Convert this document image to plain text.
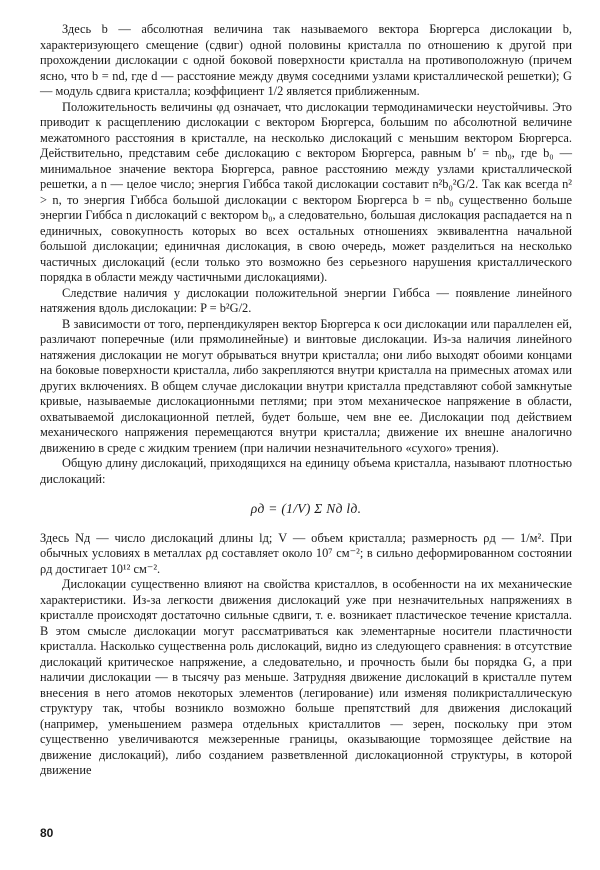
Здесь b — абсолютная величина так называемого вектора Бюргерса дислокации b, характеризующего смещение (сдвиг) одной половины кристалла по отношению к другой при прохождении дислокации с одной боковой поверхности кристалла на противоположную (причем ясно, что b = nd, где d — расстояние между двумя соседними узлами кристаллической решетки); G — модуль сдвига кристалла; коэффициент 1/2 является приближенным.

Положительность величины φд означает, что дислокации термодинамически неустойчивы. Это приводит к расщеплению дислокации с вектором Бюргерса, большим по абсолютной величине межатомного расстояния в кристалле, на несколько дислокаций с меньшим вектором Бюргерса. Действительно, представим себе дислокацию с вектором Бюргерса, равным b′ = nb₀, где b₀ — минимальное значение вектора Бюргерса, равное расстоянию между узлами кристаллической решетки, а n — целое число; энергия Гиббса такой дислокации составит n²b₀²G/2. Так как всегда n² > n, то энергия Гиббса большой дислокации с вектором Бюргерса b = nb₀ существенно больше энергии Гиббса n дислокаций с вектором b₀, а следовательно, большая дислокация распадается на n единичных, совокупность которых во всех остальных отношениях эквивалентна начальной большой дислокации; единичная дислокация, в свою очередь, может разделиться на несколько частичных дислокаций (если только это возможно без серьезного нарушения кристаллического порядка в области между частичными дислокациями).

Следствие наличия у дислокации положительной энергии Гиббса — появление линейного натяжения вдоль дислокации: P = b²G/2.

В зависимости от того, перпендикулярен вектор Бюргерса к оси дислокации или параллелен ей, различают поперечные (или прямолинейные) и винтовые дислокации. Из-за наличия линейного натяжения дислокации не могут обрываться внутри кристалла; они либо выходят обоими концами на боковые поверхности кристалла, либо закрепляются внутри кристалла на примесных атомах или других включениях. В общем случае дислокации внутри кристалла представляют собой замкнутые кривые, называемые дислокационными петлями; при этом механическое напряжение в области, охватываемой дислокационной петлей, будет больше, чем вне ее. Дислокации под действием механического напряжения перемещаются внутри кристалла; движение их внешне аналогично движению в среде с жидким трением (при наличии незначительного «сухого» трения).

Общую длину дислокаций, приходящихся на единицу объема кристалла, называют плотностью дислокаций:

ρд = (1/V) Σ Nд lд.

Здесь Nд — число дислокаций длины lд; V — объем кристалла; размерность ρд — 1/м². При обычных условиях в металлах ρд составляет около 10⁷ см⁻²; в сильно деформированном состоянии ρд достигает 10¹² см⁻².

Дислокации существенно влияют на свойства кристаллов, в особенности на их механические характеристики. Из-за легкости движения дислокаций уже при незначительных напряжениях в кристалле происходят достаточно сильные сдвиги, т. е. возникает пластическое течение кристалла. В этом смысле дислокации могут рассматриваться как элементарные носители пластичности кристалла. Насколько существенна роль дислокаций, видно из следующего сравнения: в отсутствие дислокаций критическое напряжение, а следовательно, и прочность были бы порядка G, а при наличии дислокации — в тысячу раз меньше. Затрудняя движение дислокаций в кристалле путем внесения в него атомов некоторых элементов (легирование) или изменяя поликристаллическую структуру так, чтобы возникло возможно больше препятствий для движения дислокаций (например, уменьшением размера отдельных кристаллитов — зерен, поскольку при этом существенно увеличиваются межзеренные границы, оказывающие тормозящее действие на движение дислокаций), либо созданием разветвленной дислокационной структуры, в которой движение

80
